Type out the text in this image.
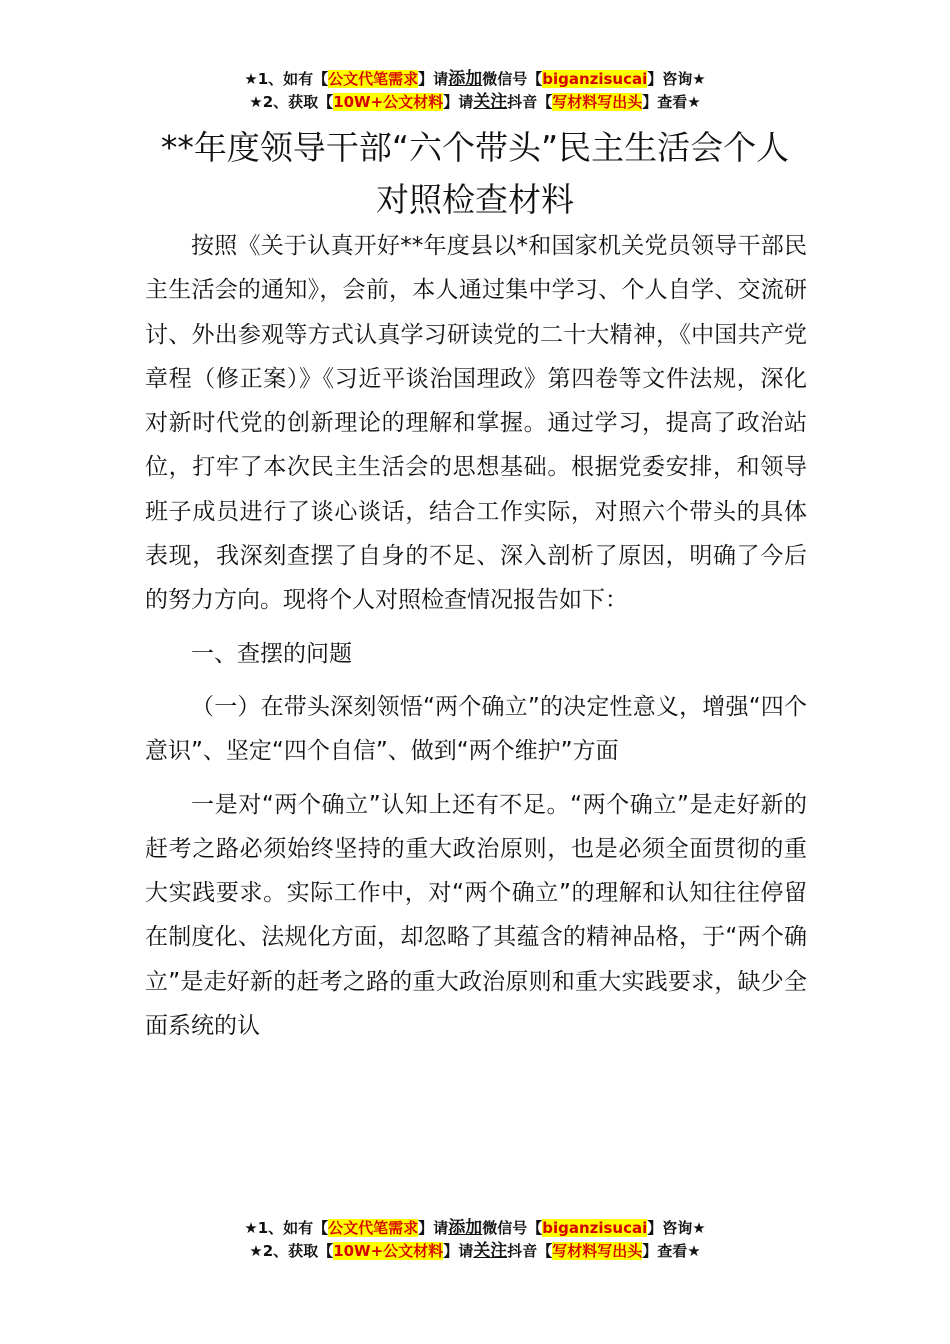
★1、如有【公文代笔需求】请添加微信号【biganzisucai】咨询★
★2、获取【10W+公文材料】请关注抖音【写材料写出头】查看★
**年度领导干部“六个带头”民主生活会个人对照检查材料

按照《关于认真开好**年度县以*和国家机关党员领导干部民主生活会的通知》，会前，本人通过集中学习、个人自学、交流研讨、外出参观等方式认真学习研读党的二十大精神，《中国共产党章程（修正案）》《习近平谈治国理政》第四卷等文件法规，深化对新时代党的创新理论的理解和掌握。通过学习，提高了政治站位，打牢了本次民主生活会的思想基础。根据党委安排，和领导班子成员进行了谈心谈话，结合工作实际，对照六个带头的具体表现，我深刻查摆了自身的不足、深入剖析了原因，明确了今后的努力方向。现将个人对照检查情况报告如下：

一、查摆的问题

（一）在带头深刻领悟“两个确立”的决定性意义，增强“四个意识”、坚定“四个自信”、做到“两个维护”方面

一是对“两个确立”认知上还有不足。“两个确立”是走好新的赶考之路必须始终坚持的重大政治原则，也是必须全面贯彻的重大实践要求。实际工作中，对“两个确立”的理解和认知往往停留在制度化、法规化方面，却忽略了其蕴含的精神品格，于“两个确立”是走好新的赶考之路的重大政治原则和重大实践要求，缺少全面系统的认

★1、如有【公文代笔需求】请添加微信号【biganzisucai】咨询★
★2、获取【10W+公文材料】请关注抖音【写材料写出头】查看★
